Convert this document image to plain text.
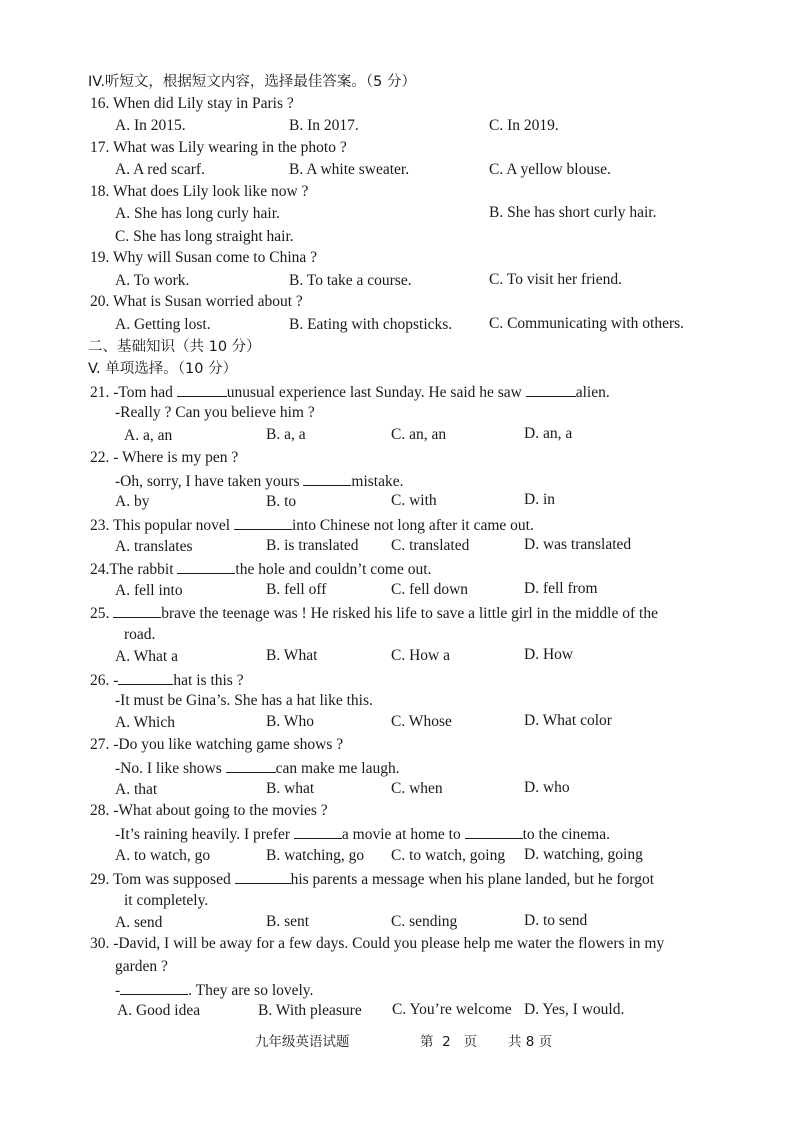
IV.听短文，根据短文内容，选择最佳答案。（5 分）
16. When did Lily stay in Paris ?
A. In 2015.	B. In 2017.	C. In 2019.
17. What was Lily wearing in the photo ?
A. A red scarf.	B. A white sweater.	C. A yellow blouse.
18. What does Lily look like now ?
A. She has long curly hair.	B. She has short curly hair.
C. She has long straight hair.
19. Why will Susan come to China ?
A. To work.	B. To take a course.	C. To visit her friend.
20. What is Susan worried about ?
A. Getting lost.	B. Eating with chopsticks. C. Communicating with others.
二、基础知识（共 10 分）
V. 单项选择。（10 分）
21. -Tom had	unusual experience last Sunday. He said he saw	alien.
-Really ? Can you believe him ?
A. a, an	B. a, a	C. an, an	D. an, a
22. - Where is my pen ?
-Oh, sorry, I have taken yours	mistake.
A. by	B. to	C. with	D. in
23. This popular novel	into Chinese not long after it came out.
A. translates	B. is translated C. translated	D. was translated
24.The rabbit	the hole and couldn’t come out.
A. fell into	B. fell off	C. fell down	D. fell from
25.	brave the teenage was ! He risked his life to save a little girl in the middle of the
road.
A. What a	B. What	C. How a	D. How
26. -	hat is this ?
-It must be Gina’s. She has a hat like this.
A. Which	B. Who	C. Whose	D. What color
27. -Do you like watching game shows ?
-No. I like shows	can make me laugh.
A. that	B. what	C. when	D. who
28. -What about going to the movies ?
-It’s raining heavily. I prefer	a movie at home to	to the cinema.
A. to watch, go	B. watching, go C. to watch, going D. watching, going
29. Tom was supposed	his parents a message when his plane landed, but he forgot
it completely.
A. send	B. sent	C. sending	D. to send
30. -David, I will be away for a few days. Could you please help me water the flowers in my
garden ?
-	. They are so lovely.
A. Good idea	B. With pleasure C. You’re welcome D. Yes, I would.
九年级英语试题	第 2 页 共 8 页
